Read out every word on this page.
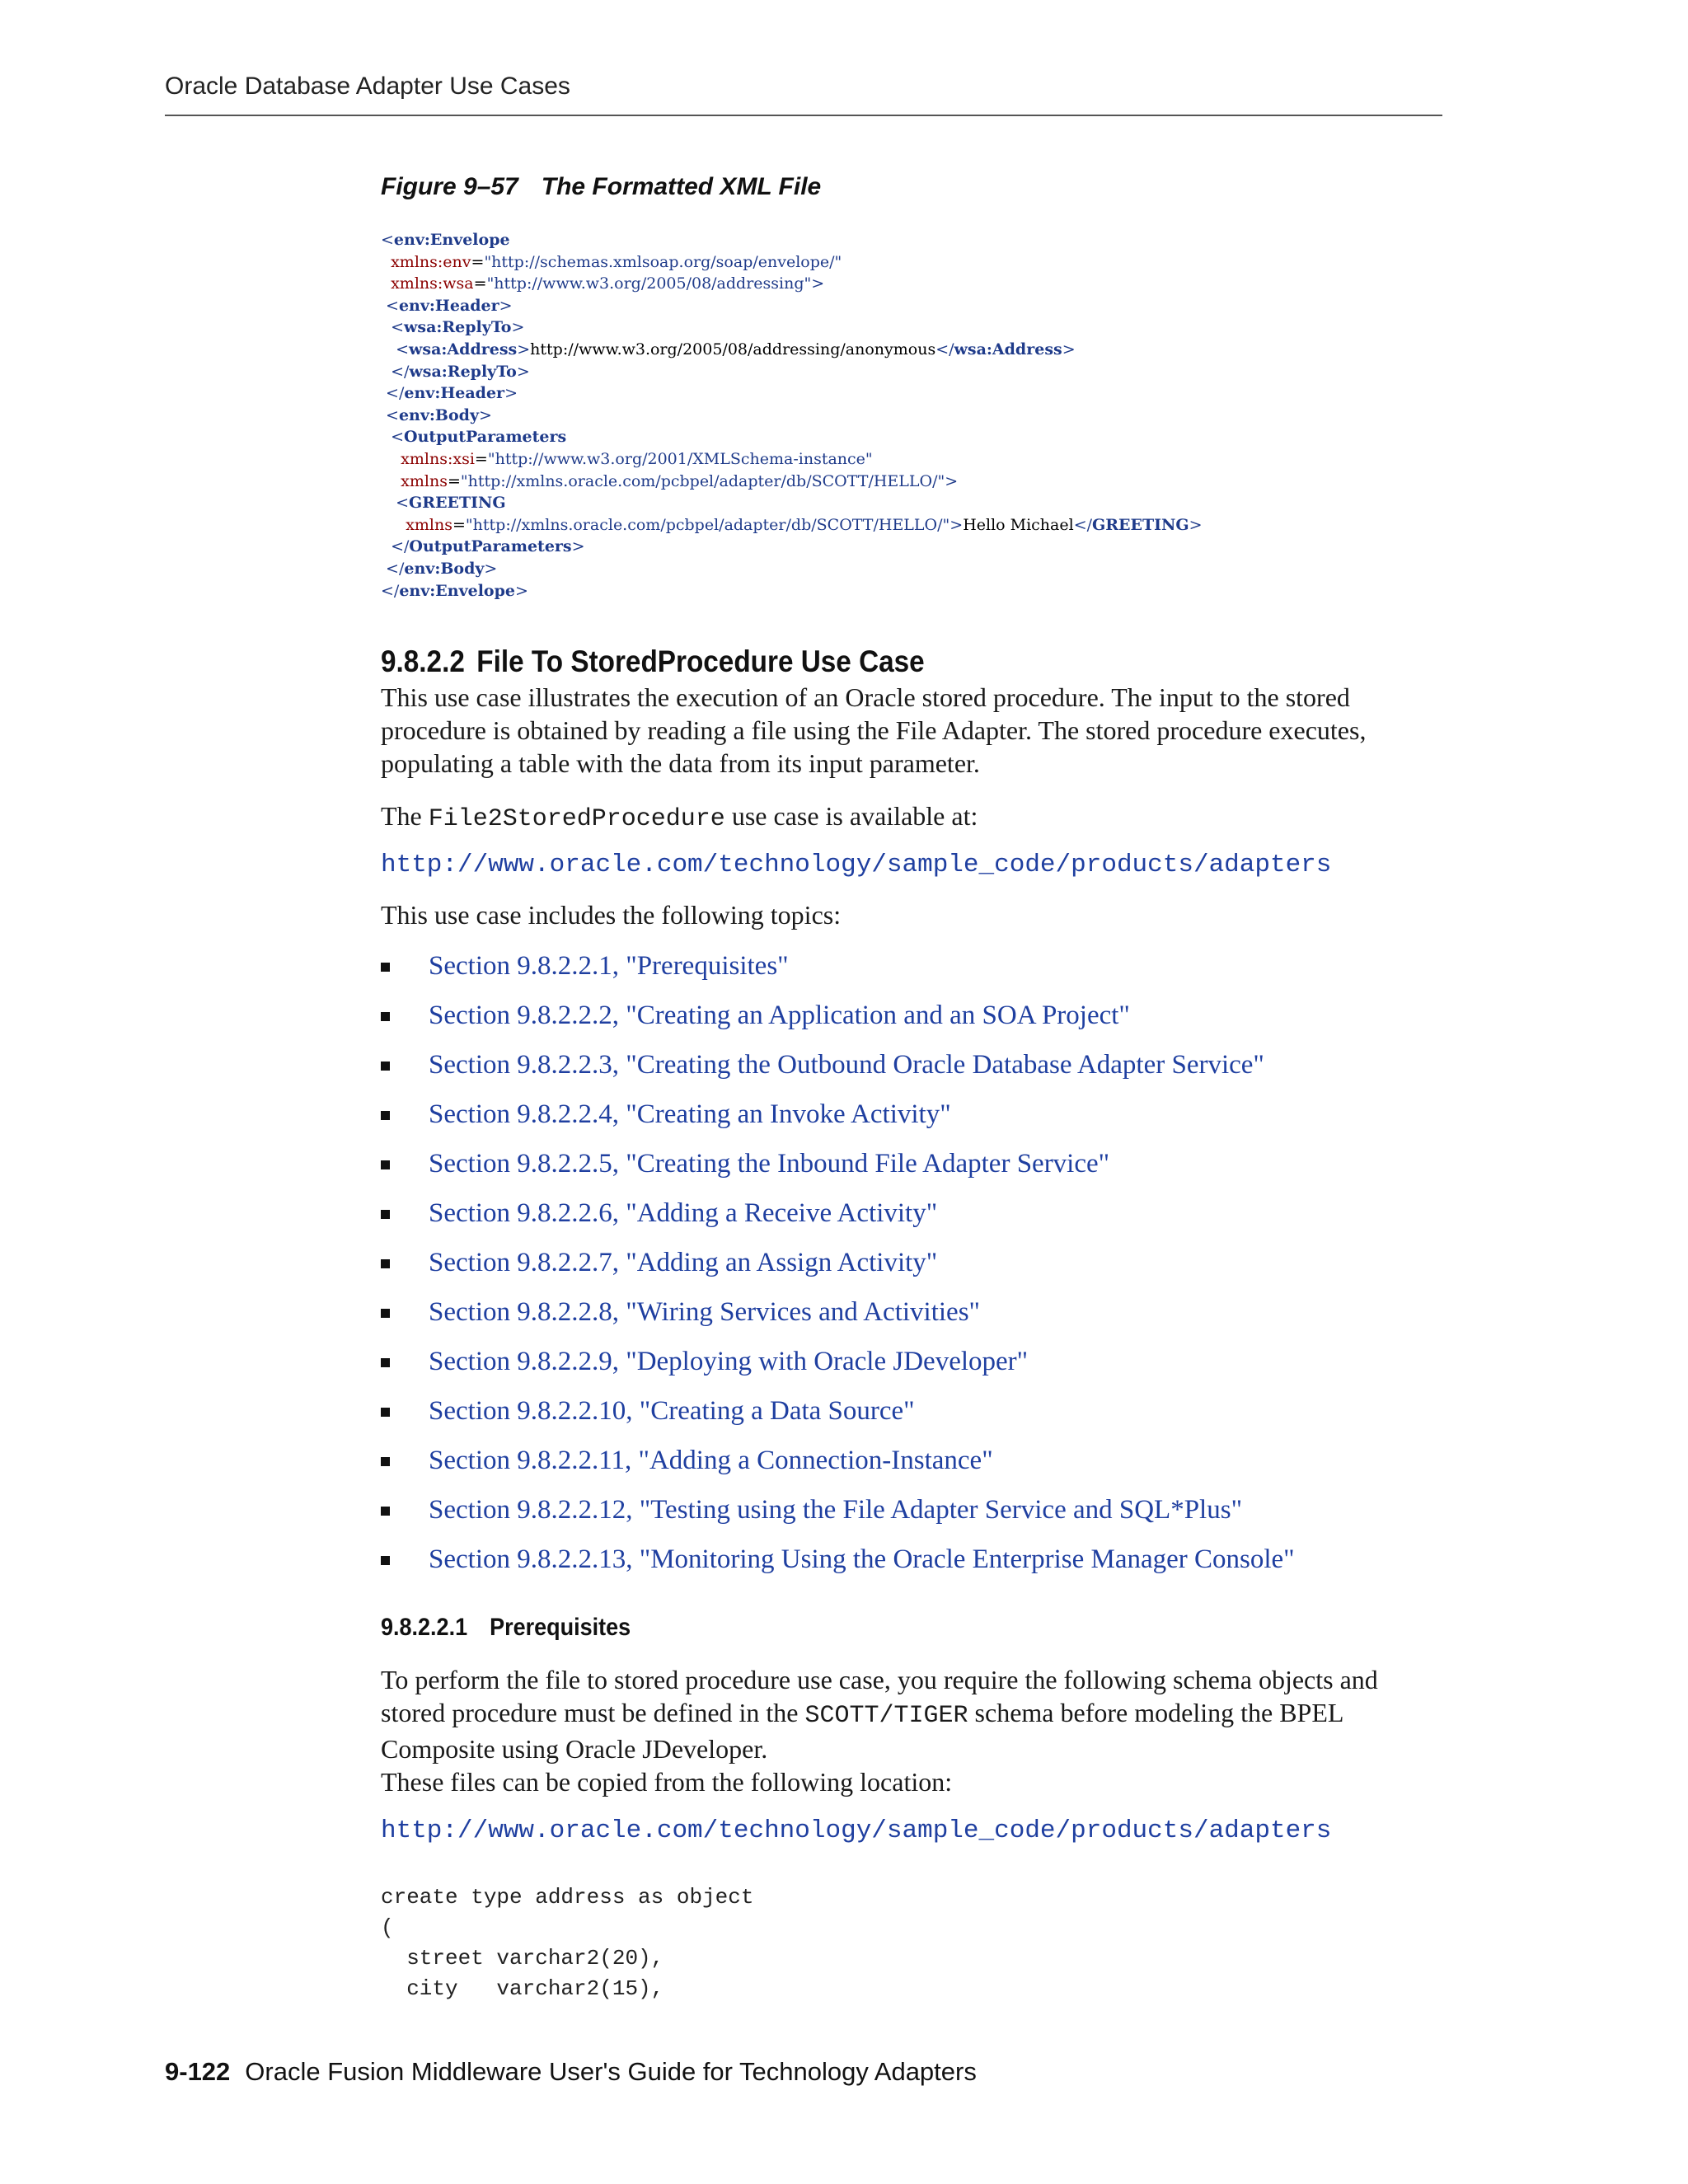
Oracle Database Adapter Use Cases
Figure 9–57 The Formatted XML File
<env:Envelope
xmlns:env="http://schemas.xmlsoap.org/soap/envelope/"
xmlns:wsa="http://www.w3.org/2005/08/addressing">
<env:Header>
<wsa:ReplyTo>
<wsa:Address>http://www.w3.org/2005/08/addressing/anonymous</wsa:Address>
</wsa:ReplyTo>
</env:Header>
<env:Body>
<OutputParameters
xmlns:xsi="http://www.w3.org/2001/XMLSchema-instance"
xmlns="http://xmlns.oracle.com/pcbpel/adapter/db/SCOTT/HELLO/">
<GREETING
xmlns="http://xmlns.oracle.com/pcbpel/adapter/db/SCOTT/HELLO/">Hello Michael</GREETING>
</OutputParameters>
</env:Body>
</env:Envelope>
9.8.2.2 File To StoredProcedure Use Case

This use case illustrates the execution of an Oracle stored procedure. The input to the stored procedure is obtained by reading a file using the File Adapter. The stored procedure executes, populating a table with the data from its input parameter.

The File2StoredProcedure use case is available at:

http://www.oracle.com/technology/sample_code/products/adapters

This use case includes the following topics:

Section 9.8.2.2.1, "Prerequisites"
Section 9.8.2.2.2, "Creating an Application and an SOA Project"
Section 9.8.2.2.3, "Creating the Outbound Oracle Database Adapter Service"
Section 9.8.2.2.4, "Creating an Invoke Activity"
Section 9.8.2.2.5, "Creating the Inbound File Adapter Service"
Section 9.8.2.2.6, "Adding a Receive Activity"
Section 9.8.2.2.7, "Adding an Assign Activity"
Section 9.8.2.2.8, "Wiring Services and Activities"
Section 9.8.2.2.9, "Deploying with Oracle JDeveloper"
Section 9.8.2.2.10, "Creating a Data Source"
Section 9.8.2.2.11, "Adding a Connection-Instance"
Section 9.8.2.2.12, "Testing using the File Adapter Service and SQL*Plus"
Section 9.8.2.2.13, "Monitoring Using the Oracle Enterprise Manager Console"
9.8.2.2.1 Prerequisites

To perform the file to stored procedure use case, you require the following schema objects and stored procedure must be defined in the SCOTT/TIGER schema before modeling the BPEL Composite using Oracle JDeveloper.

These files can be copied from the following location:

http://www.oracle.com/technology/sample_code/products/adapters
create type address as object
(
street varchar2(20),
city   varchar2(15),
9-122 Oracle Fusion Middleware User's Guide for Technology Adapters
